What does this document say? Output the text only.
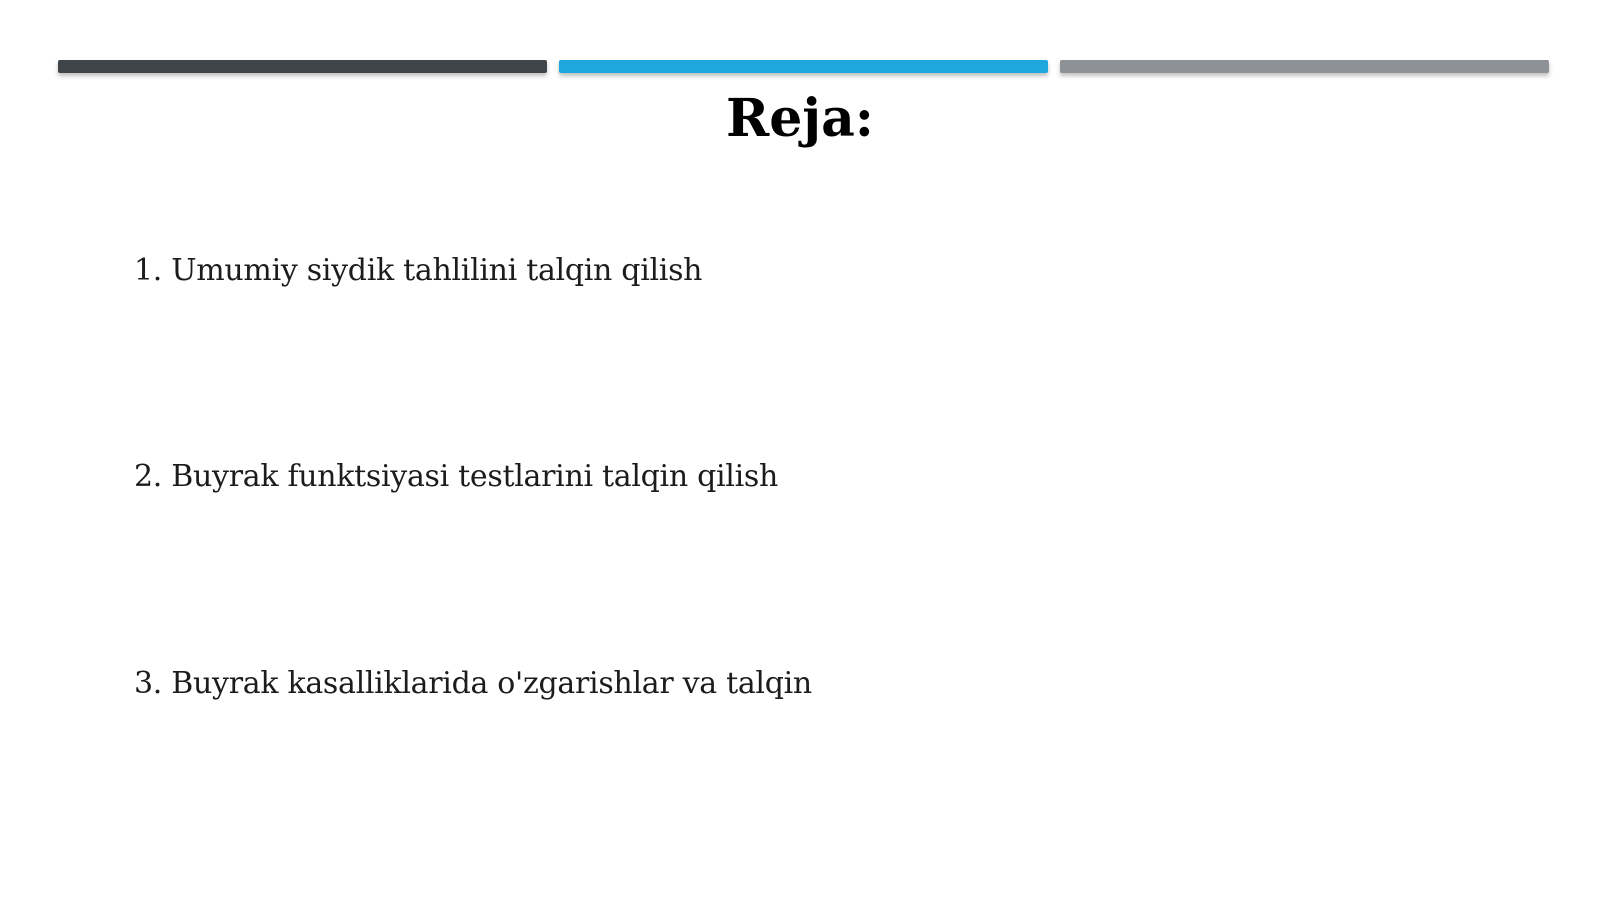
Reja:
1. Umumiy siydik tahlilini talqin qilish
2. Buyrak funktsiyasi testlarini talqin qilish
3. Buyrak kasalliklarida o'zgarishlar va talqin
